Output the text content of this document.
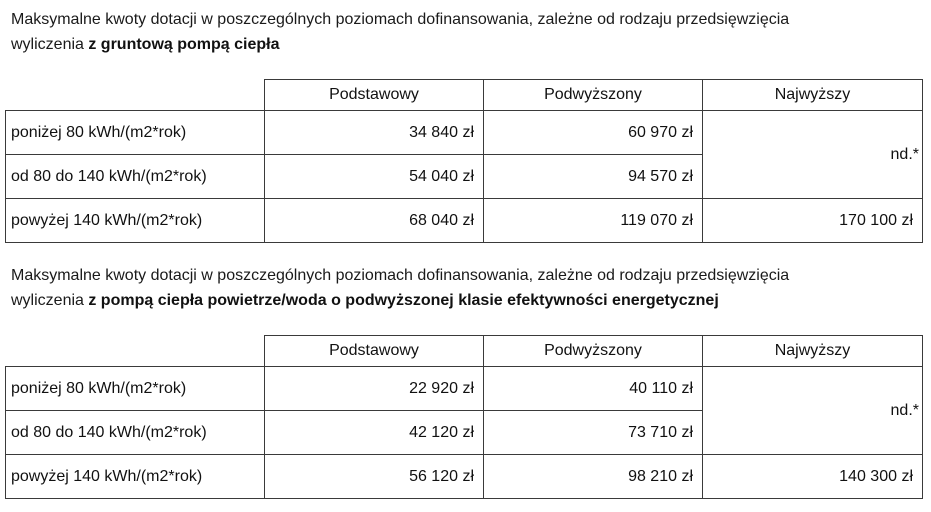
Maksymalne kwoty dotacji w poszczególnych poziomach dofinansowania, zależne od rodzaju przedsięwzięcia
wyliczenia z gruntową pompą ciepła
	Podstawowy	Podwyższony	Najwyższy
poniżej 80 kWh/(m2*rok)	34 840 zł	60 970 zł	nd.*
od 80 do 140 kWh/(m2*rok)	54 040 zł	94 570 zł	
powyżej 140 kWh/(m2*rok)	68 040 zł	119 070 zł	170 100 zł
Maksymalne kwoty dotacji w poszczególnych poziomach dofinansowania, zależne od rodzaju przedsięwzięcia
wyliczenia z pompą ciepła powietrze/woda o podwyższonej klasie efektywności energetycznej
	Podstawowy	Podwyższony	Najwyższy
poniżej 80 kWh/(m2*rok)	22 920 zł	40 110 zł	nd.*
od 80 do 140 kWh/(m2*rok)	42 120 zł	73 710 zł	
powyżej 140 kWh/(m2*rok)	56 120 zł	98 210 zł	140 300 zł
